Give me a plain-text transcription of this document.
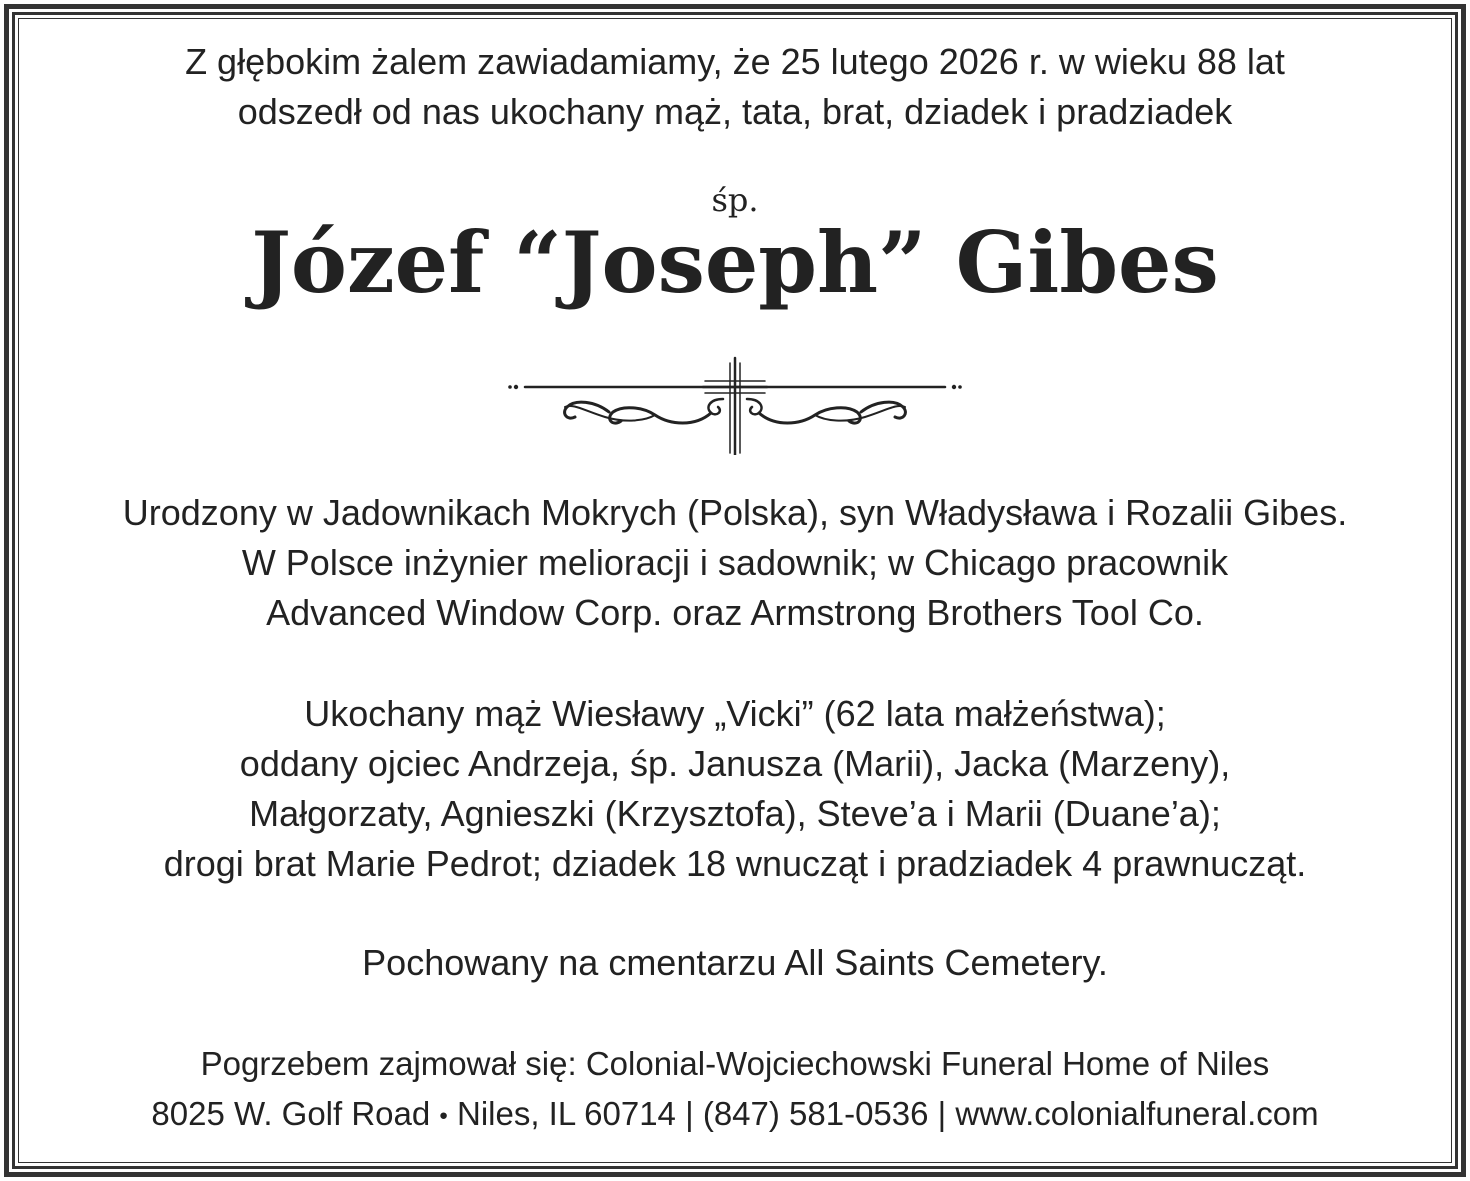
Z głębokim żalem zawiadamiamy, że 25 lutego 2026 r. w wieku 88 lat
odszedł od nas ukochany mąż, tata, brat, dziadek i pradziadek
śp.
Józef “Joseph” Gibes
Urodzony w Jadownikach Mokrych (Polska), syn Władysława i Rozalii Gibes.
W Polsce inżynier melioracji i sadownik; w Chicago pracownik
Advanced Window Corp. oraz Armstrong Brothers Tool Co.
Ukochany mąż Wiesławy „Vicki” (62 lata małżeństwa);
oddany ojciec Andrzeja, śp. Janusza (Marii), Jacka (Marzeny),
Małgorzaty, Agnieszki (Krzysztofa), Steve’a i Marii (Duane’a);
drogi brat Marie Pedrot; dziadek 18 wnucząt i pradziadek 4 prawnucząt.
Pochowany na cmentarzu All Saints Cemetery.
Pogrzebem zajmował się: Colonial-Wojciechowski Funeral Home of Niles
8025 W. Golf Road • Niles, IL 60714 | (847) 581-0536 | www.colonialfuneral.com
